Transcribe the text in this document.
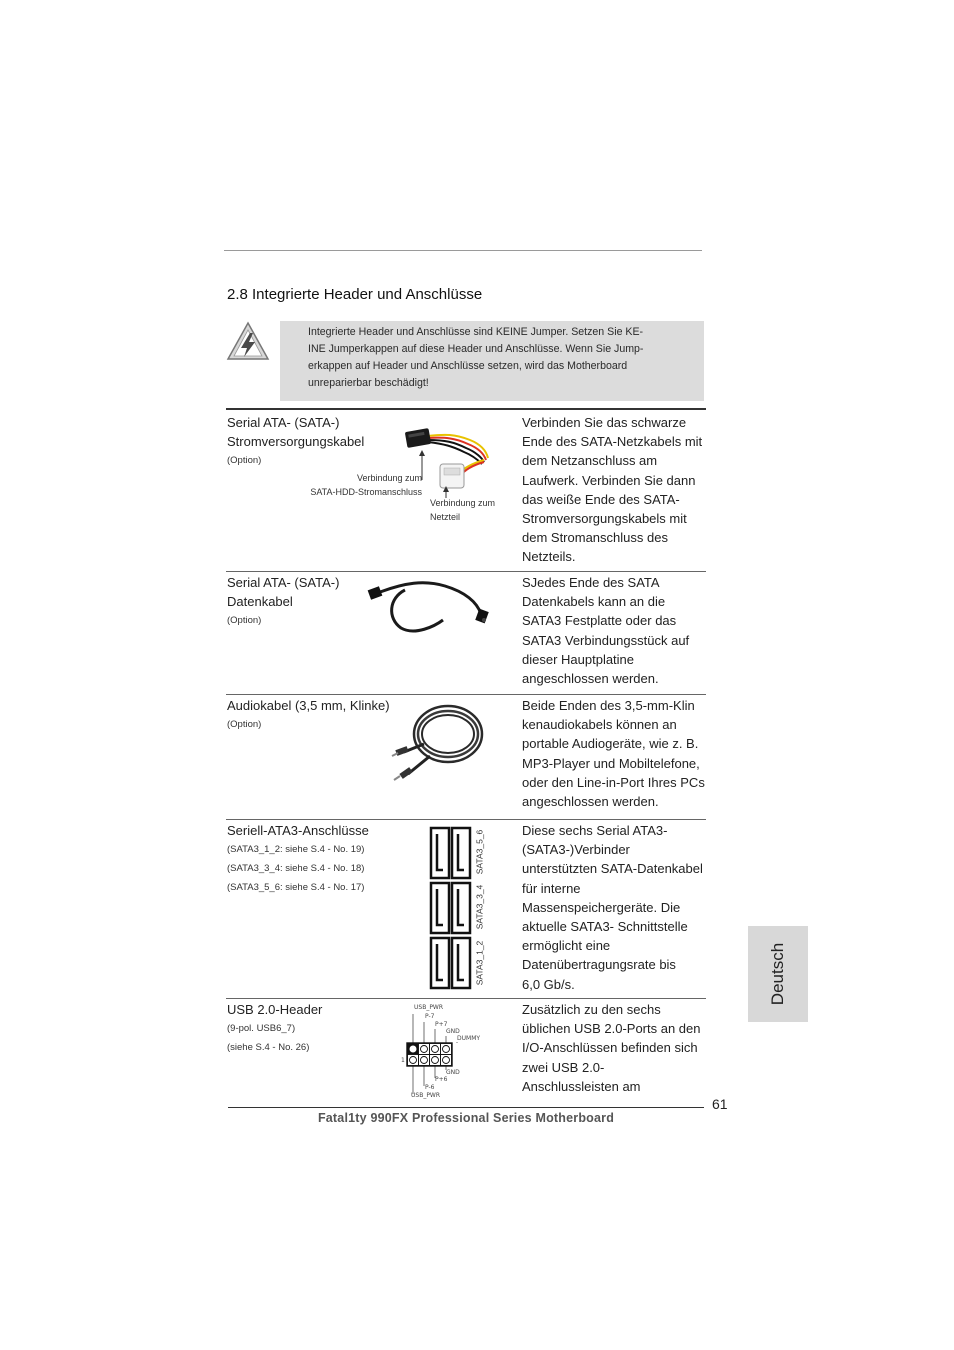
2.8 Integrierte Header und Anschlüsse
Integrierte Header und Anschlüsse sind KEINE Jumper. Setzen Sie KE-
INE Jumperkappen auf diese Header und Anschlüsse. Wenn Sie Jump-
erkappen auf Header und Anschlüsse setzen, wird das Motherboard
unreparierbar beschädigt!
Serial ATA- (SATA-)
Stromversorgungskabel
(Option)
Verbindung zum
SATA-HDD-Stromanschluss
Verbindung zum
Netzteil
Verbinden Sie das schwarze
Ende des SATA-Netzkabels mit
dem Netzanschluss am
Laufwerk. Verbinden Sie dann
das weiße Ende des SATA-
Stromversorgungskabels mit
dem Stromanschluss des
Netzteils.
Serial ATA- (SATA-)
Datenkabel
(Option)
SJedes Ende des SATA
Datenkabels kann an die
SATA3 Festplatte oder das
SATA3 Verbindungsstück auf
dieser Hauptplatine
angeschlossen werden.
Audiokabel (3,5 mm, Klinke)
(Option)
Beide Enden des 3,5-mm-Klin
kenaudiokabels können an
portable Audiogeräte, wie z. B.
MP3-Player und Mobiltelefone,
oder den Line-in-Port Ihres PCs
angeschlossen werden.
Seriell-ATA3-Anschlüsse
(SATA3_1_2: siehe S.4 - No. 19)
(SATA3_3_4: siehe S.4 - No. 18)
(SATA3_5_6: siehe S.4 - No. 17)
SATA3_5_6
SATA3_3_4
SATA3_1_2
Diese sechs Serial ATA3-
(SATA3-)Verbinder
unterstützten SATA-Datenkabel
für interne
Massenspeichergeräte. Die
aktuelle SATA3- Schnittstelle
ermöglicht eine
Datenübertragungsrate bis
6,0 Gb/s.
USB 2.0-Header
(9-pol. USB6_7)
(siehe S.4 - No. 26)
USB_PWR
P-7
P+7
GND
DUMMY
1
GND
P+6
P-6
USB_PWR
Zusätzlich zu den sechs
üblichen USB 2.0-Ports an den
I/O-Anschlüssen befinden sich
zwei USB 2.0-
Anschlussleisten am
Deutsch
61
Fatal1ty 990FX Professional Series Motherboard
